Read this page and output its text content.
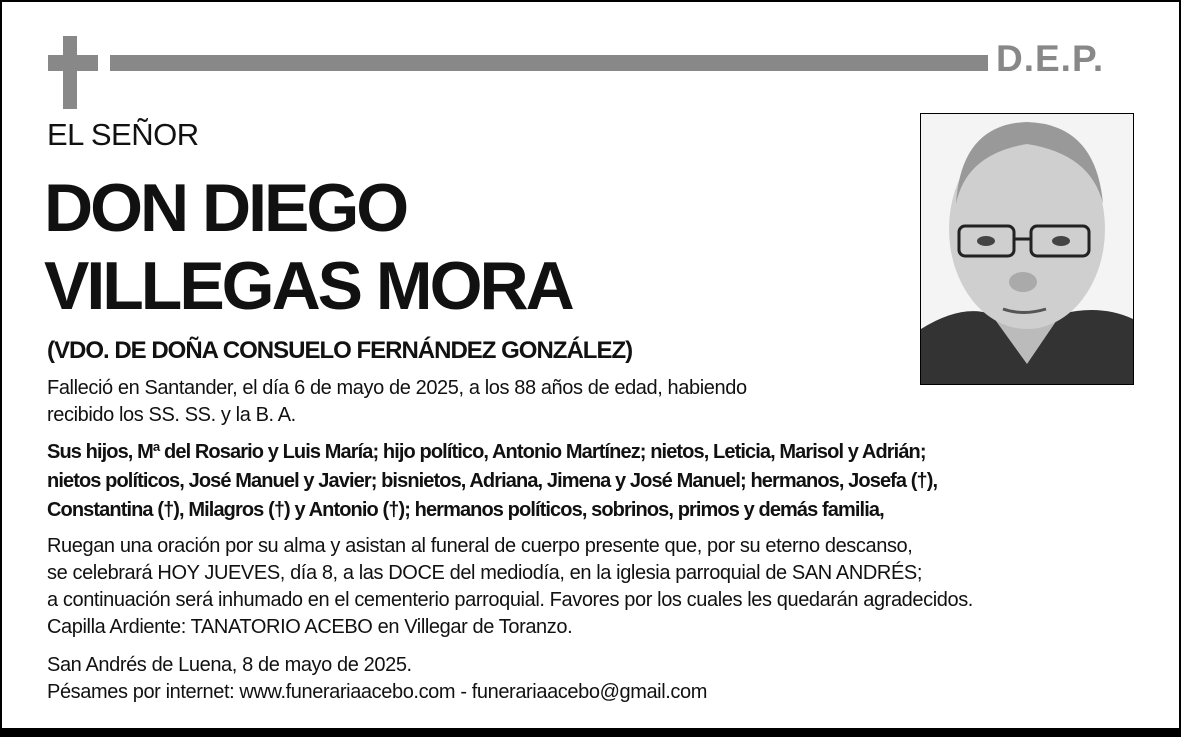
D.E.P.
EL SEÑOR
DON DIEGO
VILLEGAS MORA
(VDO. DE DOÑA CONSUELO FERNÁNDEZ GONZÁLEZ)
Falleció en Santander, el día 6 de mayo de 2025, a los 88 años de edad, habiendo
recibido los SS. SS. y la B. A.
Sus hijos, Mª del Rosario y Luis María; hijo político, Antonio Martínez; nietos, Leticia, Marisol y Adrián;
nietos políticos, José Manuel y Javier; bisnietos, Adriana, Jimena y José Manuel; hermanos, Josefa (†),
Constantina (†), Milagros (†) y Antonio (†); hermanos políticos, sobrinos, primos y demás familia,
Ruegan una oración por su alma y asistan al funeral de cuerpo presente que, por su eterno descanso,
se celebrará HOY JUEVES, día 8, a las DOCE del mediodía, en la iglesia parroquial de SAN ANDRÉS;
a continuación será inhumado en el cementerio parroquial. Favores por los cuales les quedarán agradecidos.
Capilla Ardiente: TANATORIO ACEBO en Villegar de Toranzo.
San Andrés de Luena, 8 de mayo de 2025.
Pésames por internet: www.funerariaacebo.com - funerariaacebo@gmail.com
